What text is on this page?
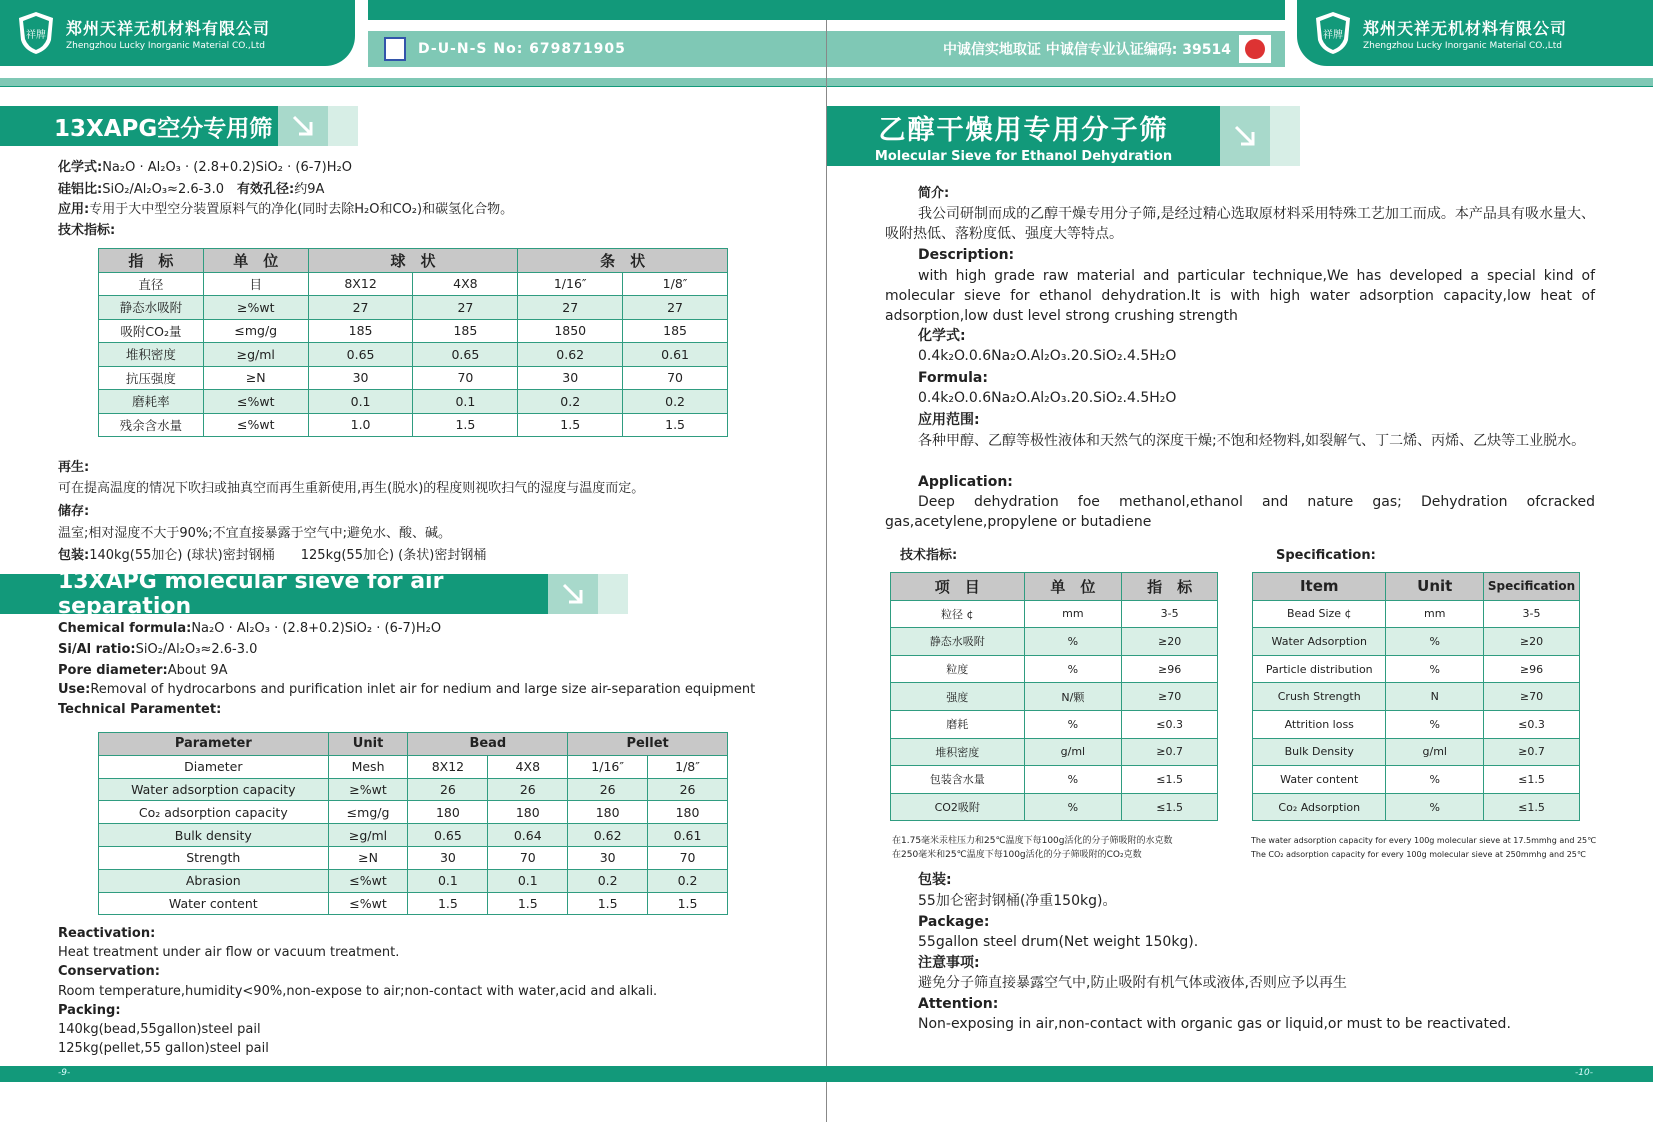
祥牌 郑州天祥无机材料有限公司
Zhengzhou Lucky Inorganic Material CO.,Ltd	D-U-N-S No: 679871905	中诚信实地取证 中诚信专业认证编码: 39514
祥牌 郑州天祥无机材料有限公司
Zhengzhou Lucky Inorganic Material CO.,Ltd
13XAPG空分专用筛
化学式:Na₂O · Al₂O₃ · (2.8+0.2)SiO₂ · (6-7)H₂O
硅铝比:SiO₂/Al₂O₃≈2.6-3.0　 有效孔径:约9A
应用:专用于大中型空分装置原料气的净化(同时去除H₂O和CO₂)和碳氢化合物。
技术指标:
指　标	单　位	球　状		条　状	
直径	目	8X12	4X8	1/16″	1/8″
静态水吸附	≥%wt	27	27	27	27
吸附CO₂量	≤mg/g	185	185	1850	185
堆积密度	≥g/ml	0.65	0.65	0.62	0.61
抗压强度	≥N	30	70	30	70
磨耗率	≤%wt	0.1	0.1	0.2	0.2
残余含水量	≤%wt	1.0	1.5	1.5	1.5
再生:
可在提高温度的情况下吹扫或抽真空而再生重新使用,再生(脱水)的程度则视吹扫气的湿度与温度而定。
储存:
温室;相对湿度不大于90%;不宜直接暴露于空气中;避免水、酸、碱。
包装:140kg(55加仑) (球状)密封钢桶　　125kg(55加仑) (条状)密封钢桶
13XAPG molecular sieve for air separation
Chemical formula:Na₂O · Al₂O₃ · (2.8+0.2)SiO₂ · (6-7)H₂O
Si/Al ratio:SiO₂/Al₂O₃≈2.6-3.0
Pore diameter:About 9A
Use:Removal of hydrocarbons and purification inlet air for nedium and large size air-separation equipment
Technical Paramentet:
Parameter	Unit	Bead		Pellet	
Diameter	Mesh	8X12	4X8	1/16″	1/8″
Water adsorption capacity	≥%wt	26	26	26	26
Co₂ adsorption capacity	≤mg/g	180	180	180	180
Bulk density	≥g/ml	0.65	0.64	0.62	0.61
Strength	≥N	30	70	30	70
Abrasion	≤%wt	0.1	0.1	0.2	0.2
Water content	≤%wt	1.5	1.5	1.5	1.5
Reactivation:
Heat treatment under air flow or vacuum treatment.
Conservation:
Room temperature,humidity<90%,non-expose to air;non-contact with water,acid and alkali.
Packing:
140kg(bead,55gallon)steel pail
125kg(pellet,55 gallon)steel pail
乙醇干燥用专用分子筛
Molecular Sieve for Ethanol Dehydration
简介:
我公司研制而成的乙醇干燥专用分子筛,是经过精心选取原材料采用特殊工艺加工而成。本产品具有吸水量大、吸附热低、落粉度低、强度大等特点。
Description:
with high grade raw material and particular technique,We has developed a special kind of molecular sieve for ethanol dehydration.It is with high water adsorption capacity,low heat of adsorption,low dust level strong crushing strength
化学式:
0.4k₂O.0.6Na₂O.Al₂O₃.20.SiO₂.4.5H₂O
Formula:
0.4k₂O.0.6Na₂O.Al₂O₃.20.SiO₂.4.5H₂O
应用范围:
各种甲醇、乙醇等极性液体和天然气的深度干燥;不饱和烃物料,如裂解气、丁二烯、丙烯、乙炔等工业脱水。
Application:
Deep dehydration foe methanol,ethanol and nature gas; Dehydration ofcracked gas,acetylene,propylene or butadiene
技术指标:	Specification:
项　目	单　位	指　标
粒径 ¢	mm	3-5
静态水吸附	%	≥20
粒度	%	≥96
强度	N/颗	≥70
磨耗	%	≤0.3
堆积密度	g/ml	≥0.7
包装含水量	%	≤1.5
CO2吸附	%	≤1.5
Item	Unit	Specification
Bead Size ¢	mm	3-5
Water Adsorption	%	≥20
Particle distribution	%	≥96
Crush Strength	N	≥70
Attrition loss	%	≤0.3
Bulk Density	g/ml	≥0.7
Water content	%	≤1.5
Co₂ Adsorption	%	≤1.5
在1.75毫米汞柱压力和25℃温度下每100g活化的分子筛吸附的水克数
在250毫米和25℃温度下每100g活化的分子筛吸附的CO₂克数
The water adsorption capacity for every 100g molecular sieve at 17.5mmhg and 25℃
The CO₂ adsorption capacity for every 100g molecular sieve at 250mmhg and 25℃
包装:
55加仑密封钢桶(净重150kg)。
Package:
55gallon steel drum(Net weight 150kg).
注意事项:
避免分子筛直接暴露空气中,防止吸附有机气体或液体,否则应予以再生
Attention:
Non-exposing in air,non-contact with organic gas or liquid,or must to be reactivated.
-9-	-10-
